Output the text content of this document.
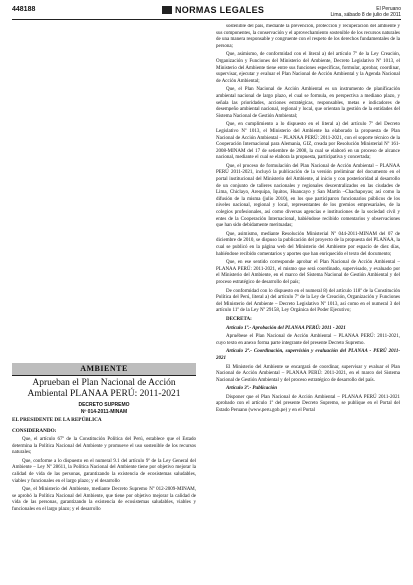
448188	NORMAS LEGALES	El Peruano
Lima, sábado 8 de julio de 2011
AMBIENTE
Aprueban el Plan Nacional de Acción Ambiental PLANAA PERÚ: 2011-2021
DECRETO SUPREMO
Nº 014-2011-MINAM
EL PRESIDENTE DE LA REPÚBLICA
CONSIDERANDO:

Que, el artículo 67º de la Constitución Política del Perú, establece que el Estado determina la Política Nacional del Ambiente y promueve el uso sostenible de los recursos naturales;

Que, conforme a lo dispuesto en el numeral 9.1 del artículo 9º de la Ley General del Ambiente – Ley Nº 28611, la Política Nacional del Ambiente tiene por objetivo mejorar la calidad de vida de las personas, garantizando la existencia de ecosistemas saludables, viables y funcionales en el largo plazo; y el desarrollo

Que, el Ministerio del Ambiente, mediante Decreto Supremo Nº 012-2009-MINAM, se aprobó la Política Nacional del Ambiente, que tiene por objetivo mejorar la calidad de vida de las personas, garantizando la existencia de ecosistemas saludables, viables y funcionales en el largo plazo; y el desarrollo

sostenible del país, mediante la prevención, protección y recuperación del ambiente y sus componentes, la conservación y el aprovechamiento sostenible de los recursos naturales de una manera responsable y congruente con el respeto de los derechos fundamentales de la persona;

Que, asimismo, de conformidad con el literal a) del artículo 7º de la Ley Creación, Organización y Funciones del Ministerio del Ambiente, Decreto Legislativo Nº 1013, el Ministerio del Ambiente tiene entre sus funciones específicas, formular, aprobar, coordinar, supervisar, ejecutar y evaluar el Plan Nacional de Acción Ambiental y la Agenda Nacional de Acción Ambiental;

Que, el Plan Nacional de Acción Ambiental es un instrumento de planificación ambiental nacional de largo plazo, el cual se formula, en perspectiva a mediano plazo, y señala las prioridades, acciones estratégicas, responsables, metas e indicadores de desempeño ambiental nacional, regional y local, que orientan la gestión de la entidades del Sistema Nacional de Gestión Ambiental;

Que, en cumplimiento a lo dispuesto en el literal a) del artículo 7º del Decreto Legislativo Nº 1013, el Ministerio del Ambiente ha elaborado la propuesta de Plan Nacional de Acción Ambiental – PLANAA PERÚ: 2011-2021, con el soporte técnico de la Cooperación Internacional para Alemania, GIZ, creada por Resolución Ministerial Nº 161-2008-MINAM del 17 de setiembre de 2008, la cual se elaboró en un proceso de alcance nacional, mediante el cual se elabora la propuesta, participativa y concertada;

Que, el proceso de formulación del Plan Nacional de Acción Ambiental – PLANAA PERÚ 2011-2021, incluyó la publicación de la versión preliminar del documento en el portal institucional del Ministerio del Ambiente, al inicio y con posterioridad al desarrollo de un conjunto de talleres nacionales y regionales descentralizados en las ciudades de Lima, Chiclayo, Arequipa, Iquitos, Huancayo y San Martín –Chachapoyas; así como la difusión de la misma (julio 2010), en los que participaron funcionarios públicos de los niveles nacional, regional y local, representantes de los gremios empresariales, de la colegios profesionales, así como diversas agencias e instituciones de la sociedad civil y entes de la Cooperación Internacional, habiéndose recibido comentarios y observaciones que han sido debidamente merituadas;

Que, asimismo, mediante Resolución Ministerial Nº 044-2011-MINAM del 07 de diciembre de 2010, se dispuso la publicación del proyecto de la propuesta del PLANAA, la cual se publicó en la página web del Ministerio del Ambiente por espacio de diez días, habiéndose recibido comentarios y aportes que han enriquecido el texto del documento;

Que, en ese sentido corresponde aprobar el Plan Nacional de Acción Ambiental – PLANAA PERÚ: 2011-2021, el mismo que será coordinado, supervisado, y evaluado por el Ministerio del Ambiente, en el marco del Sistema Nacional de Gestión Ambiental y del proceso estratégico de desarrollo del país;

De conformidad con lo dispuesto en el numeral 8) del artículo 118º de la Constitución Política del Perú, literal a) del artículo 7º de la Ley de Creación, Organización y Funciones del Ministerio del Ambiente – Decreto Legislativo Nº 1013, así como en el numeral 3 del artículo 11º de la Ley Nº 29158, Ley Orgánica del Poder Ejecutivo;

DECRETA:

Artículo 1º.- Aprobación del PLANAA PERÚ: 2011 - 2021

Apruébese el Plan Nacional de Acción Ambiental – PLANAA PERÚ: 2011-2021, cuyo texto en anexo forma parte integrante del presente Decreto Supremo.

Artículo 2º.- Coordinación, supervisión y evaluación del PLANAA - PERÚ 2011-2021

El Ministerio del Ambiente se encargará de coordinar, supervisar y evaluar el Plan Nacional de Acción Ambiental – PLANAA PERÚ: 2011-2021, en el marco del Sistema Nacional de Gestión Ambiental y del proceso estratégico de desarrollo del país.

Artículo 3º.- Publicación

Disponer que el Plan Nacional de Acción Ambiental – PLANAA PERÚ 2011-2021 aprobado con el artículo 1º del presente Decreto Supremo, se publique en el Portal del Estado Peruano (www.peru.gob.pe) y en el Portal
